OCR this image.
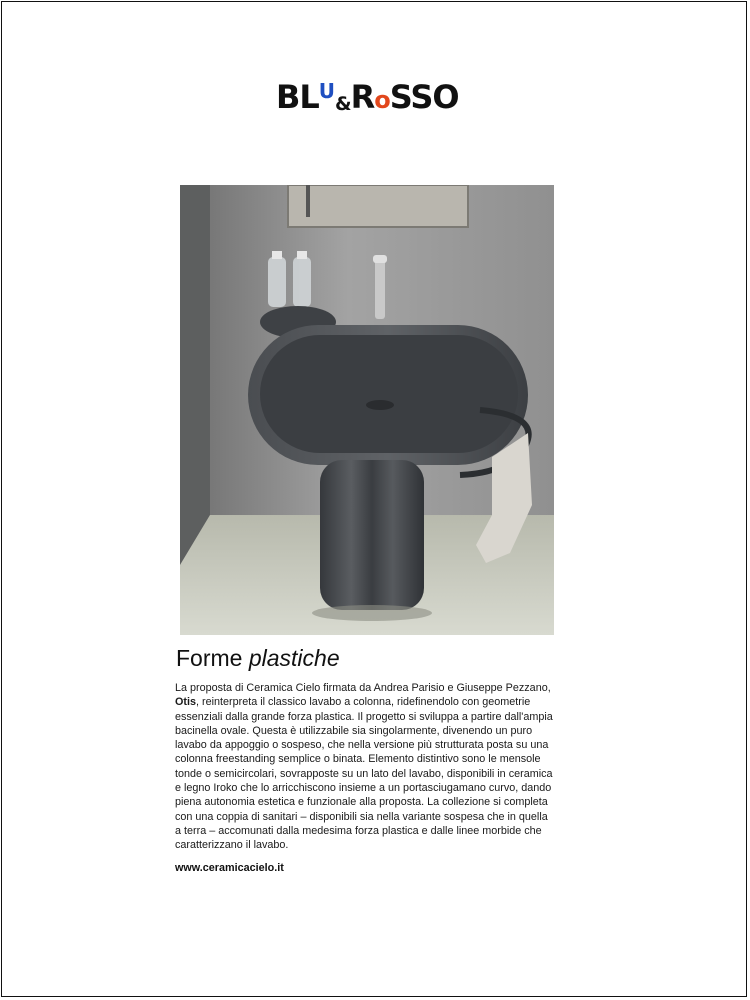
BLU&RoSSO
Forme plastiche
La proposta di Ceramica Cielo firmata da Andrea Parisio e Giuseppe Pezzano, Otis, reinterpreta il classico lavabo a colonna, ridefinendolo con geometrie essenziali dalla grande forza plastica. Il progetto si sviluppa a partire dall'ampia bacinella ovale. Questa è utilizzabile sia singolarmente, divenendo un puro lavabo da appoggio o sospeso, che nella versione più strutturata posta su una colonna freestanding semplice o binata. Elemento distintivo sono le mensole tonde o semicircolari, sovrapposte su un lato del lavabo, disponibili in ceramica e legno Iroko che lo arricchiscono insieme a un portasciugamano curvo, dando piena autonomia estetica e funzionale alla proposta. La collezione si completa con una coppia di sanitari – disponibili sia nella variante sospesa che in quella a terra – accomunati dalla medesima forza plastica e dalle linee morbide che caratterizzano il lavabo.
www.ceramicacielo.it
